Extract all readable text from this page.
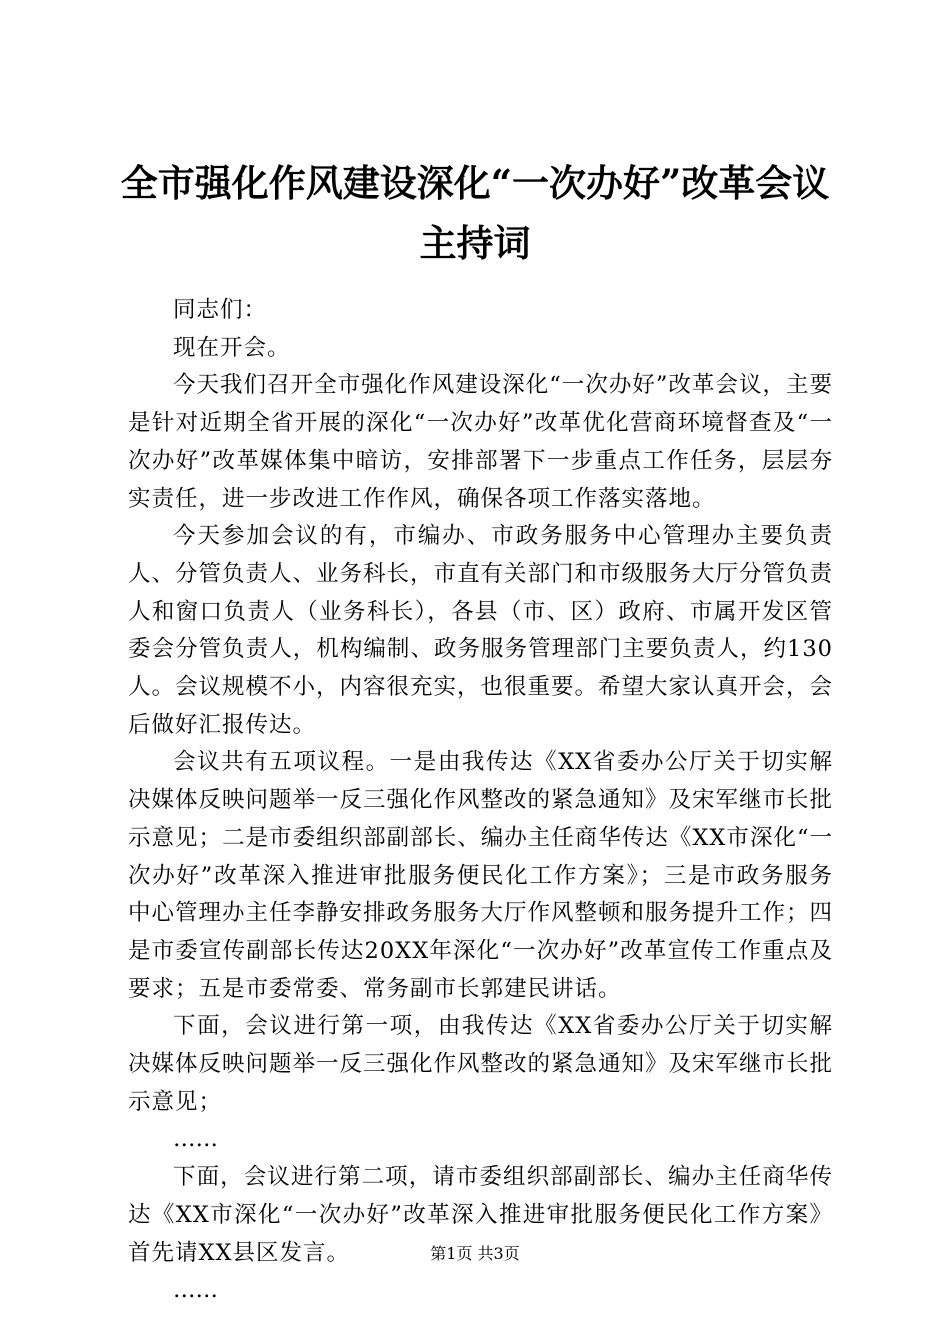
全市强化作风建设深化“一次办好”改革会议
主持词

同志们：

现在开会。

今天我们召开全市强化作风建设深化“一次办好”改革会议，主要是针对近期全省开展的深化“一次办好”改革优化营商环境督查及“一次办好”改革媒体集中暗访，安排部署下一步重点工作任务，层层夯实责任，进一步改进工作作风，确保各项工作落实落地。

今天参加会议的有，市编办、市政务服务中心管理办主要负责人、分管负责人、业务科长，市直有关部门和市级服务大厅分管负责人和窗口负责人（业务科长），各县（市、区）政府、市属开发区管委会分管负责人，机构编制、政务服务管理部门主要负责人，约130人。会议规模不小，内容很充实，也很重要。希望大家认真开会，会后做好汇报传达。

会议共有五项议程。一是由我传达《XX省委办公厅关于切实解决媒体反映问题举一反三强化作风整改的紧急通知》及宋军继市长批示意见；二是市委组织部副部长、编办主任商华传达《XX市深化“一次办好”改革深入推进审批服务便民化工作方案》；三是市政务服务中心管理办主任李静安排政务服务大厅作风整顿和服务提升工作；四是市委宣传副部长传达20XX年深化“一次办好”改革宣传工作重点及要求；五是市委常委、常务副市长郭建民讲话。

下面，会议进行第一项，由我传达《XX省委办公厅关于切实解决媒体反映问题举一反三强化作风整改的紧急通知》及宋军继市长批示意见；

……

下面，会议进行第二项，请市委组织部副部长、编办主任商华传达《XX市深化“一次办好”改革深入推进审批服务便民化工作方案》首先请XX县区发言。

……

第1页 共3页
